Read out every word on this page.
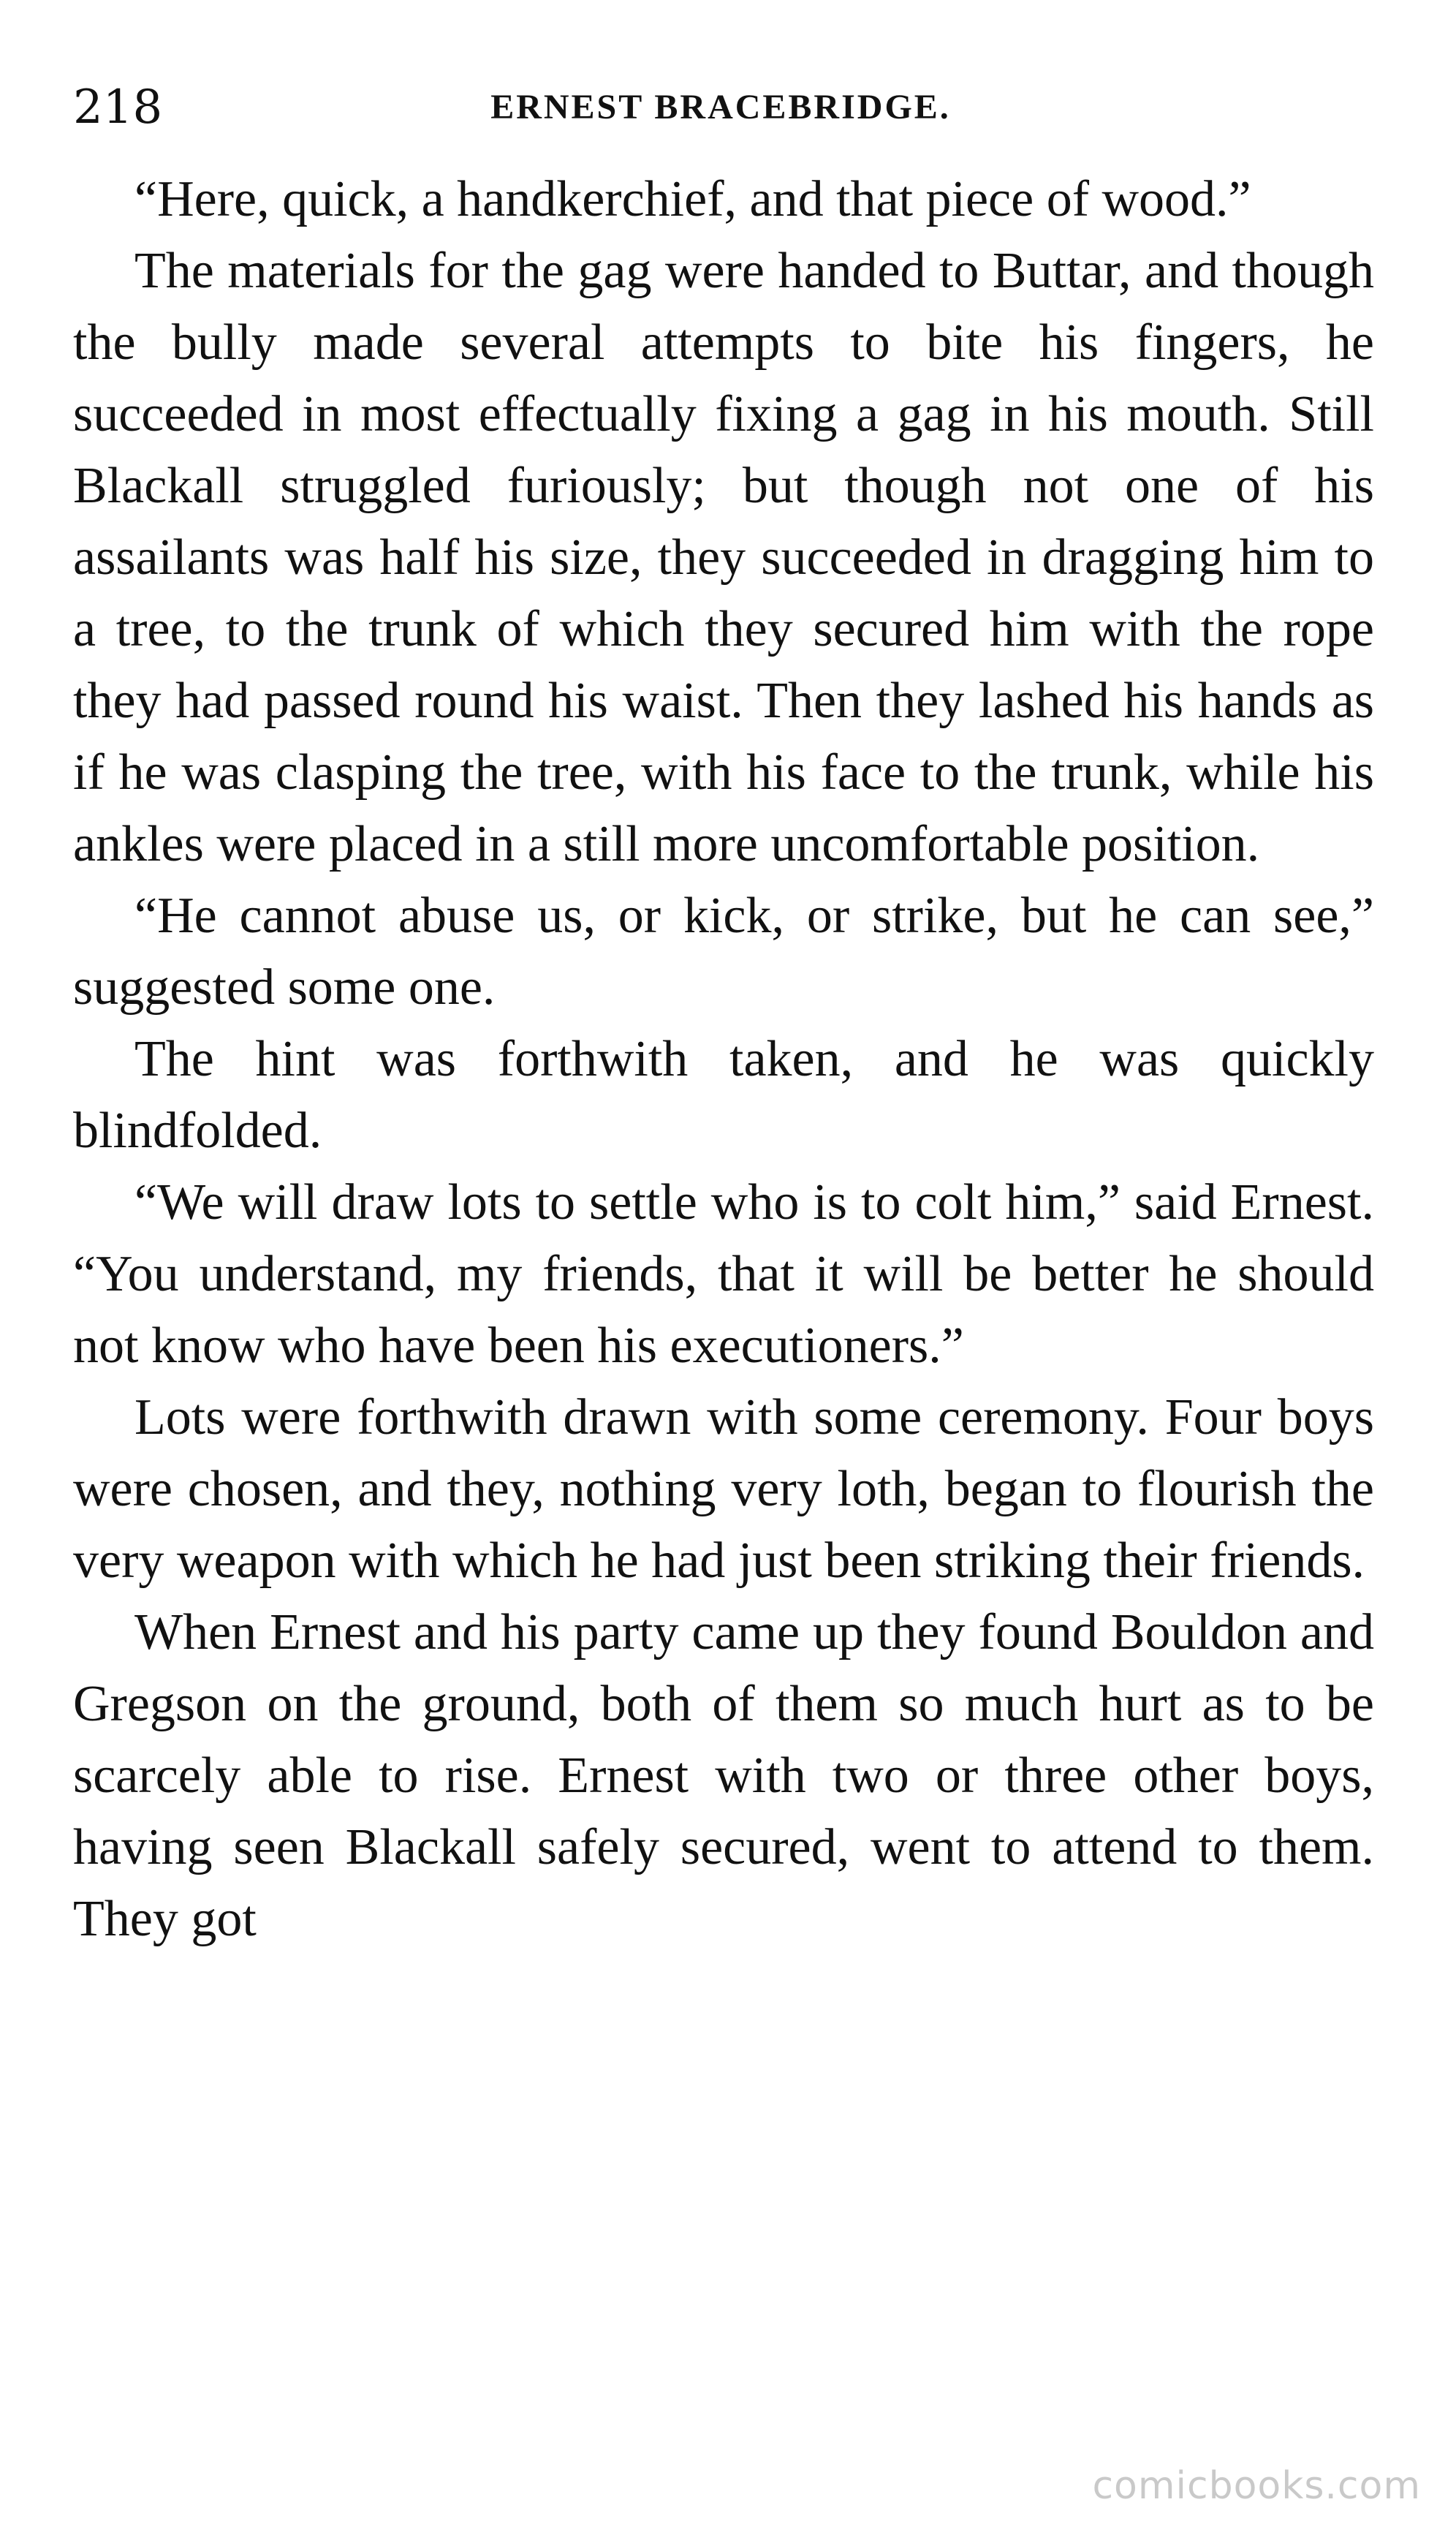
218	ERNEST BRACEBRIDGE.

“Here, quick, a handkerchief, and that piece of wood.”

The materials for the gag were handed to Buttar, and though the bully made several attempts to bite his fingers, he succeeded in most effectually fixing a gag in his mouth. Still Blackall struggled furiously; but though not one of his assailants was half his size, they succeeded in dragging him to a tree, to the trunk of which they secured him with the rope they had passed round his waist. Then they lashed his hands as if he was clasping the tree, with his face to the trunk, while his ankles were placed in a still more uncomfortable position.

“He cannot abuse us, or kick, or strike, but he can see,” suggested some one.

The hint was forthwith taken, and he was quickly blindfolded.

“We will draw lots to settle who is to colt him,” said Ernest. “You understand, my friends, that it will be better he should not know who have been his executioners.”

Lots were forthwith drawn with some ceremony. Four boys were chosen, and they, nothing very loth, began to flourish the very weapon with which he had just been striking their friends.

When Ernest and his party came up they found Bouldon and Gregson on the ground, both of them so much hurt as to be scarcely able to rise. Ernest with two or three other boys, having seen Blackall safely secured, went to attend to them. They got

comicbooks.com
